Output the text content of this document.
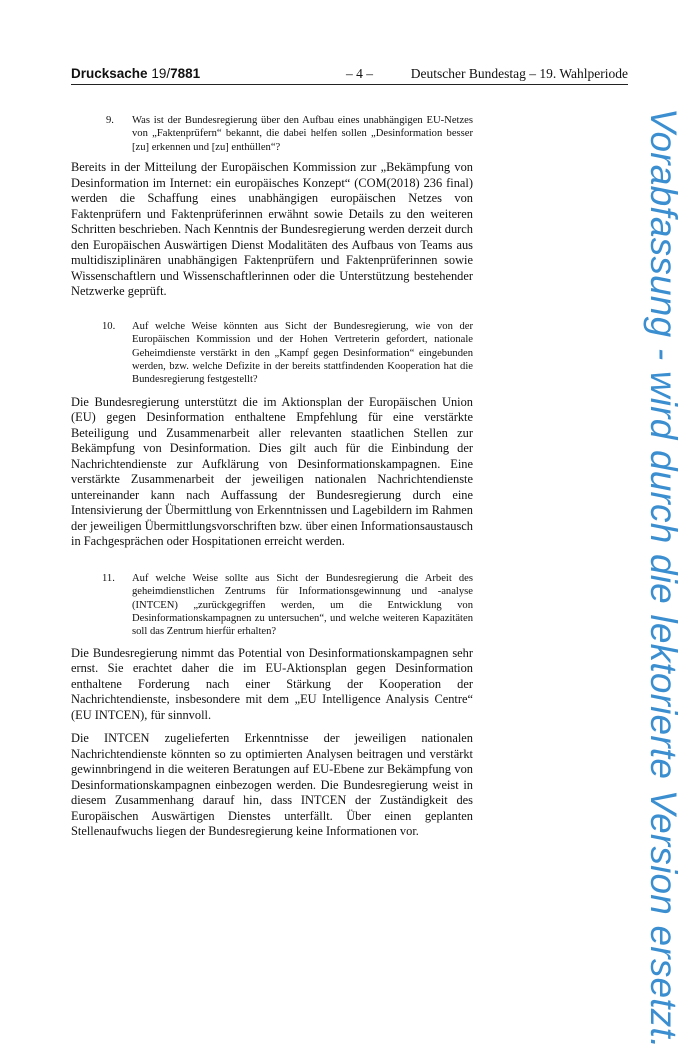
Drucksache 19/7881	– 4 –	Deutscher Bundestag – 19. Wahlperiode
9. Was ist der Bundesregierung über den Aufbau eines unabhängigen EU-Netzes von „Faktenprüfern“ bekannt, die dabei helfen sollen „Desinformation besser [zu] erkennen und [zu] enthüllen“?

Bereits in der Mitteilung der Europäischen Kommission zur „Bekämpfung von Desinformation im Internet: ein europäisches Konzept“ (COM(2018) 236 final) werden die Schaffung eines unabhängigen europäischen Netzes von Faktenprüfern und Faktenprüferinnen erwähnt sowie Details zu den weiteren Schritten beschrieben. Nach Kenntnis der Bundesregierung werden derzeit durch den Europäischen Auswärtigen Dienst Modalitäten des Aufbaus von Teams aus multidisziplinären unabhängigen Faktenprüfern und Faktenprüferinnen sowie Wissenschaftlern und Wissenschaftlerinnen oder die Unterstützung bestehender Netzwerke geprüft.

10. Auf welche Weise könnten aus Sicht der Bundesregierung, wie von der Europäischen Kommission und der Hohen Vertreterin gefordert, nationale Geheimdienste verstärkt in den „Kampf gegen Desinformation“ eingebunden werden, bzw. welche Defizite in der bereits stattfindenden Kooperation hat die Bundesregierung festgestellt?

Die Bundesregierung unterstützt die im Aktionsplan der Europäischen Union (EU) gegen Desinformation enthaltene Empfehlung für eine verstärkte Beteiligung und Zusammenarbeit aller relevanten staatlichen Stellen zur Bekämpfung von Desinformation. Dies gilt auch für die Einbindung der Nachrichtendienste zur Aufklärung von Desinformationskampagnen. Eine verstärkte Zusammenarbeit der jeweiligen nationalen Nachrichtendienste untereinander kann nach Auffassung der Bundesregierung durch eine Intensivierung der Übermittlung von Erkenntnissen und Lagebildern im Rahmen der jeweiligen Übermittlungsvorschriften bzw. über einen Informationsaustausch in Fachgesprächen oder Hospitationen erreicht werden.

11. Auf welche Weise sollte aus Sicht der Bundesregierung die Arbeit des geheimdienstlichen Zentrums für Informationsgewinnung und -analyse (INTCEN) „zurückgegriffen werden, um die Entwicklung von Desinformationskampagnen zu untersuchen“, und welche weiteren Kapazitäten soll das Zentrum hierfür erhalten?

Die Bundesregierung nimmt das Potential von Desinformationskampagnen sehr ernst. Sie erachtet daher die im EU-Aktionsplan gegen Desinformation enthaltene Forderung nach einer Stärkung der Kooperation der Nachrichtendienste, insbesondere mit dem „EU Intelligence Analysis Centre“ (EU INTCEN), für sinnvoll.

Die INTCEN zugelieferten Erkenntnisse der jeweiligen nationalen Nachrichtendienste könnten so zu optimierten Analysen beitragen und verstärkt gewinnbringend in die weiteren Beratungen auf EU-Ebene zur Bekämpfung von Desinformationskampagnen einbezogen werden. Die Bundesregierung weist in diesem Zusammenhang darauf hin, dass INTCEN der Zuständigkeit des Europäischen Auswärtigen Dienstes unterfällt. Über einen geplanten Stellenaufwuchs liegen der Bundesregierung keine Informationen vor.	Vorabfassung - wird durch die lektorierte Version ersetzt.
